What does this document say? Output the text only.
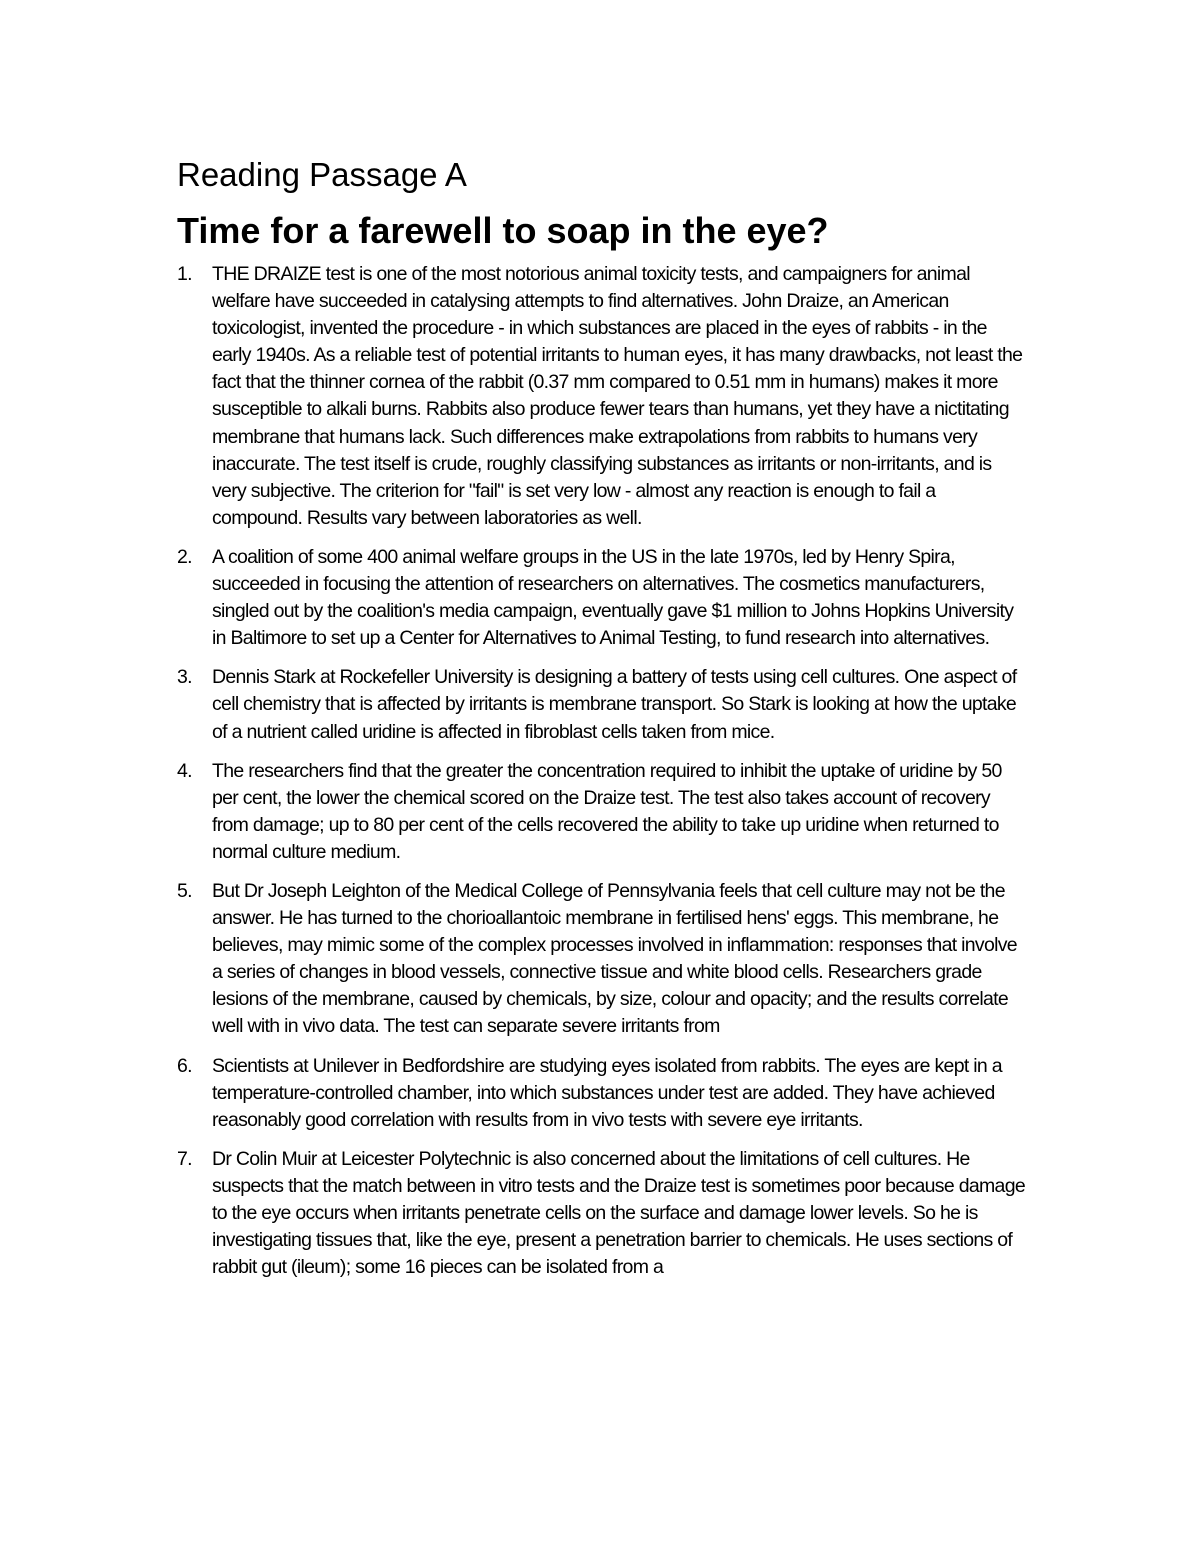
Reading Passage A
Time for a farewell to soap in the eye?
1. THE DRAIZE test is one of the most notorious animal toxicity tests, and campaigners for animal welfare have succeeded in catalysing attempts to find alternatives. John Draize, an American toxicologist, invented the procedure - in which substances are placed in the eyes of rabbits - in the early 1940s. As a reliable test of potential irritants to human eyes, it has many drawbacks, not least the fact that the thinner cornea of the rabbit (0.37 mm compared to 0.51 mm in humans) makes it more susceptible to alkali burns. Rabbits also produce fewer tears than humans, yet they have a nictitating membrane that humans lack. Such differences make extrapolations from rabbits to humans very inaccurate. The test itself is crude, roughly classifying substances as irritants or non-irritants, and is very subjective. The criterion for "fail" is set very low - almost any reaction is enough to fail a compound. Results vary between laboratories as well.
2. A coalition of some 400 animal welfare groups in the US in the late 1970s, led by Henry Spira, succeeded in focusing the attention of researchers on alternatives. The cosmetics manufacturers, singled out by the coalition's media campaign, eventually gave $1 million to Johns Hopkins University in Baltimore to set up a Center for Alternatives to Animal Testing, to fund research into alternatives.
3. Dennis Stark at Rockefeller University is designing a battery of tests using cell cultures. One aspect of cell chemistry that is affected by irritants is membrane transport. So Stark is looking at how the uptake of a nutrient called uridine is affected in fibroblast cells taken from mice.
4. The researchers find that the greater the concentration required to inhibit the uptake of uridine by 50 per cent, the lower the chemical scored on the Draize test. The test also takes account of recovery from damage; up to 80 per cent of the cells recovered the ability to take up uridine when returned to normal culture medium.
5. But Dr Joseph Leighton of the Medical College of Pennsylvania feels that cell culture may not be the answer. He has turned to the chorioallantoic membrane in fertilised hens' eggs. This membrane, he believes, may mimic some of the complex processes involved in inflammation: responses that involve a series of changes in blood vessels, connective tissue and white blood cells. Researchers grade lesions of the membrane, caused by chemicals, by size, colour and opacity; and the results correlate well with in vivo data. The test can separate severe irritants from
6. Scientists at Unilever in Bedfordshire are studying eyes isolated from rabbits. The eyes are kept in a temperature-controlled chamber, into which substances under test are added. They have achieved reasonably good correlation with results from in vivo tests with severe eye irritants.
7. Dr Colin Muir at Leicester Polytechnic is also concerned about the limitations of cell cultures. He suspects that the match between in vitro tests and the Draize test is sometimes poor because damage to the eye occurs when irritants penetrate cells on the surface and damage lower levels. So he is investigating tissues that, like the eye, present a penetration barrier to chemicals. He uses sections of rabbit gut (ileum); some 16 pieces can be isolated from a
